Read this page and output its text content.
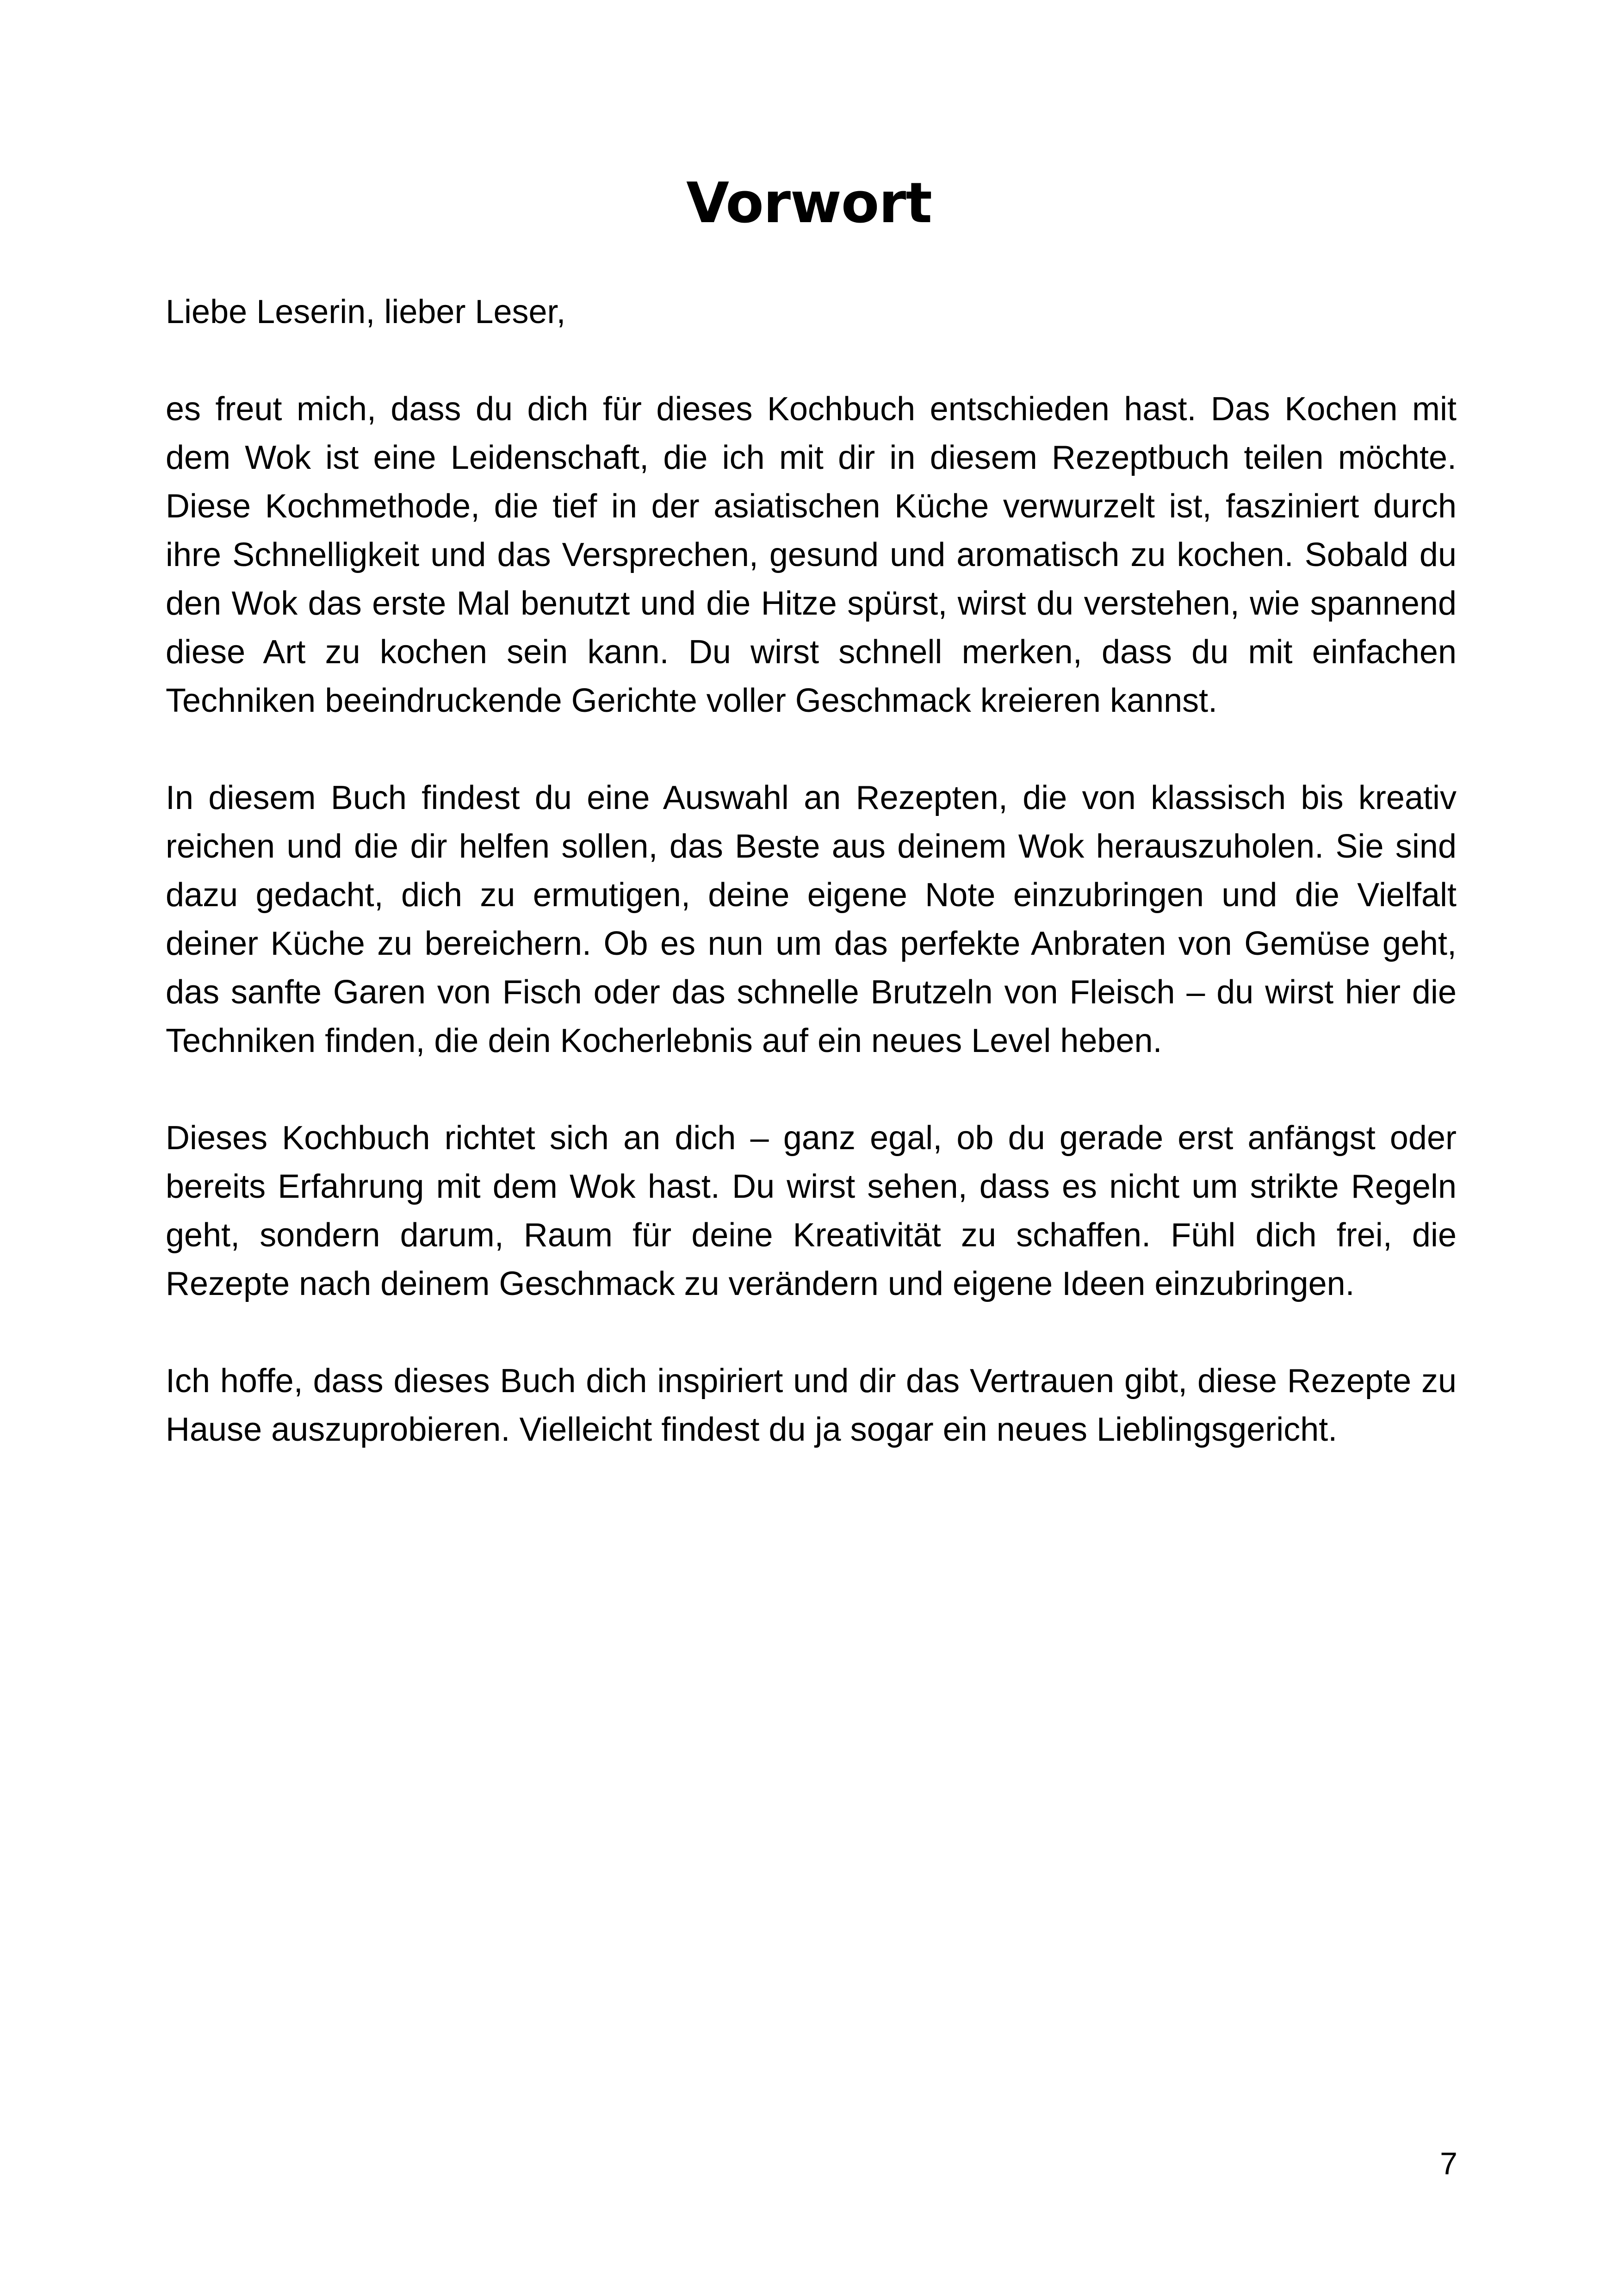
Vorwort

Liebe Leserin, lieber Leser,

es freut mich, dass du dich für dieses Kochbuch entschieden hast. Das Kochen mit dem Wok ist eine Leidenschaft, die ich mit dir in diesem Rezeptbuch teilen möchte. Diese Kochmethode, die tief in der asiatischen Küche verwurzelt ist, fasziniert durch ihre Schnelligkeit und das Versprechen, gesund und aromatisch zu kochen. Sobald du den Wok das erste Mal benutzt und die Hitze spürst, wirst du verstehen, wie spannend diese Art zu kochen sein kann. Du wirst schnell merken, dass du mit einfachen Techniken beeindruckende Gerichte voller Geschmack kreieren kannst.

In diesem Buch findest du eine Auswahl an Rezepten, die von klassisch bis kreativ reichen und die dir helfen sollen, das Beste aus deinem Wok herauszuholen. Sie sind dazu gedacht, dich zu ermutigen, deine eigene Note einzubringen und die Vielfalt deiner Küche zu bereichern. Ob es nun um das perfekte Anbraten von Gemüse geht, das sanfte Garen von Fisch oder das schnelle Brutzeln von Fleisch – du wirst hier die Techniken finden, die dein Kocherlebnis auf ein neues Level heben.

Dieses Kochbuch richtet sich an dich – ganz egal, ob du gerade erst anfängst oder bereits Erfahrung mit dem Wok hast. Du wirst sehen, dass es nicht um strikte Regeln geht, sondern darum, Raum für deine Kreativität zu schaffen. Fühl dich frei, die Rezepte nach deinem Geschmack zu verändern und eigene Ideen einzubringen.

Ich hoffe, dass dieses Buch dich inspiriert und dir das Vertrauen gibt, diese Rezepte zu Hause auszuprobieren. Vielleicht findest du ja sogar ein neues Lieblingsgericht.

7
